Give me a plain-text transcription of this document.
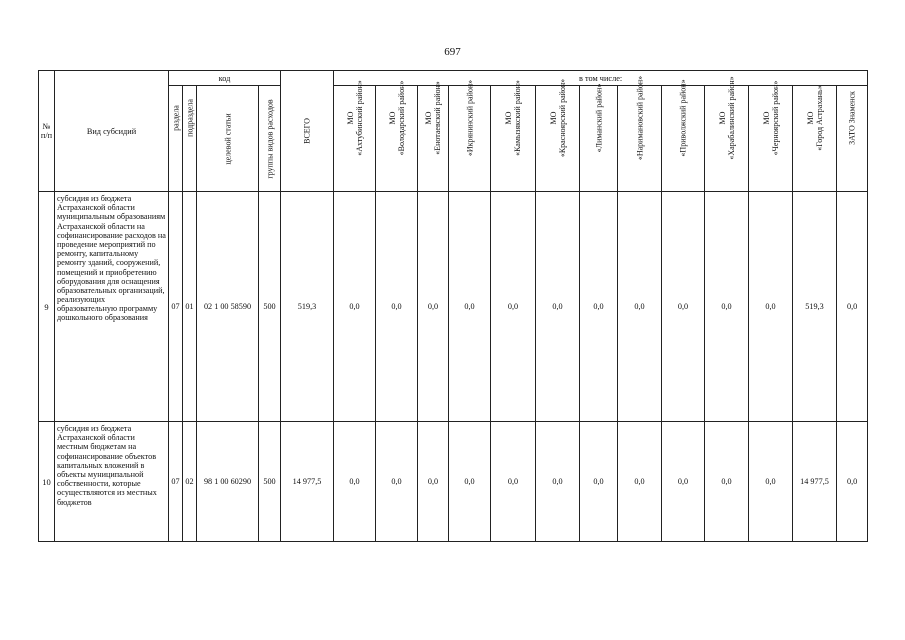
697
№ п/п	Вид субсидий	код				ВСЕГО	в том числе:												

		раздела	подраздела	целевой статьи	группы видов расходов		МО «Ахтубинский район»	МО «Володарский район»	МО «Енотаевский район»	«Икрянинский район»	МО «Камызякский район»	МО «Красноярский район»	«Лиманский район»	«Наримановский район»	«Приволжский район»	МО «Харабалинский район»	МО «Черноярский район»	МО «Город Астрахань»	ЗАТО Знаменск

9	субсидия из бюджета Астраханской области муниципальным образованиям Астраханской области на софинансирование расходов на проведение мероприятий по ремонту, капитальному ремонту зданий, сооружений, помещений и приобретению оборудования для оснащения образовательных организаций, реализующих образовательную программу дошкольного образования	07	01	02 1 00 58590	500	519,3	0,0	0,0	0,0	0,0	0,0	0,0	0,0	0,0	0,0	0,0	0,0	519,3	0,0
10	субсидия из бюджета Астраханской области местным бюджетам на софинансирование объектов капитальных вложений в объекты муниципальной собственности, которые осуществляются из местных бюджетов	07	02	98 1 00 60290	500	14 977,5	0,0	0,0	0,0	0,0	0,0	0,0	0,0	0,0	0,0	0,0	0,0	14 977,5	0,0
